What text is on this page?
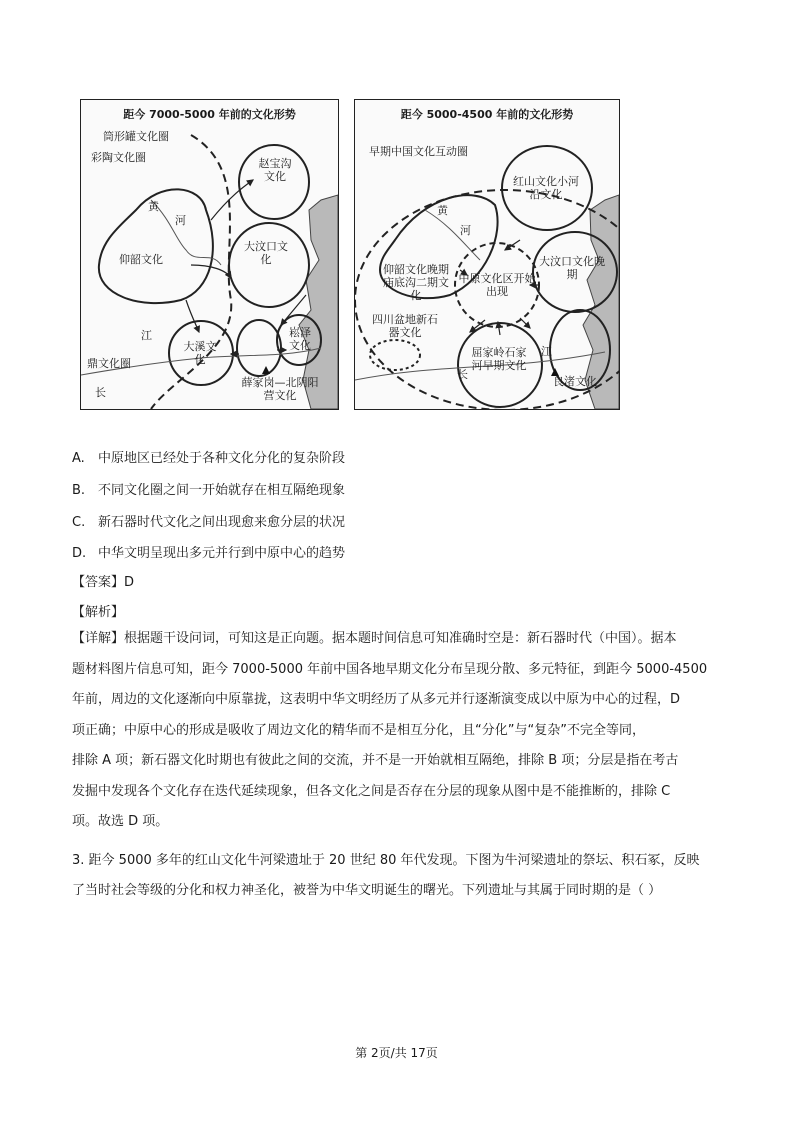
距今 7000-5000 年前的文化形势
筒形罐文化圈
彩陶文化圈	赵宝沟文化
黄
河
仰韶文化
大汶口文化
江
大溪文化
崧泽文化
鼎文化圈
薛家岗—北阴阳营文化
长
距今 5000-4500 年前的文化形势
早期中国文化互动圈
红山文化小河沿文化
黄
河
仰韶文化晚期庙底沟二期文化
中原文化区开始出现
大汶口文化晚期
四川盆地新石器文化
屈家岭石家河早期文化
江
长
良渚文化
A. 中原地区已经处于各种文化分化的复杂阶段
B. 不同文化圈之间一开始就存在相互隔绝现象
C. 新石器时代文化之间出现愈来愈分层的状况
D. 中华文明呈现出多元并行到中原中心的趋势
【答案】D
【解析】
【详解】根据题干设问词，可知这是正向题。据本题时间信息可知准确时空是：新石器时代（中国）。据本
题材料图片信息可知，距今 7000-5000 年前中国各地早期文化分布呈现分散、多元特征，到距今 5000-4500
年前，周边的文化逐渐向中原靠拢，这表明中华文明经历了从多元并行逐渐演变成以中原为中心的过程，D
项正确；中原中心的形成是吸收了周边文化的精华而不是相互分化，且“分化”与“复杂”不完全等同，
排除 A 项；新石器文化时期也有彼此之间的交流，并不是一开始就相互隔绝，排除 B 项；分层是指在考古
发掘中发现各个文化存在迭代延续现象，但各文化之间是否存在分层的现象从图中是不能推断的，排除 C
项。故选 D 项。
3. 距今 5000 多年的红山文化牛河梁遗址于 20 世纪 80 年代发现。下图为牛河梁遗址的祭坛、积石冢，反映
了当时社会等级的分化和权力神圣化，被誉为中华文明诞生的曙光。下列遗址与其属于同时期的是（ ）
第 2页/共 17页
